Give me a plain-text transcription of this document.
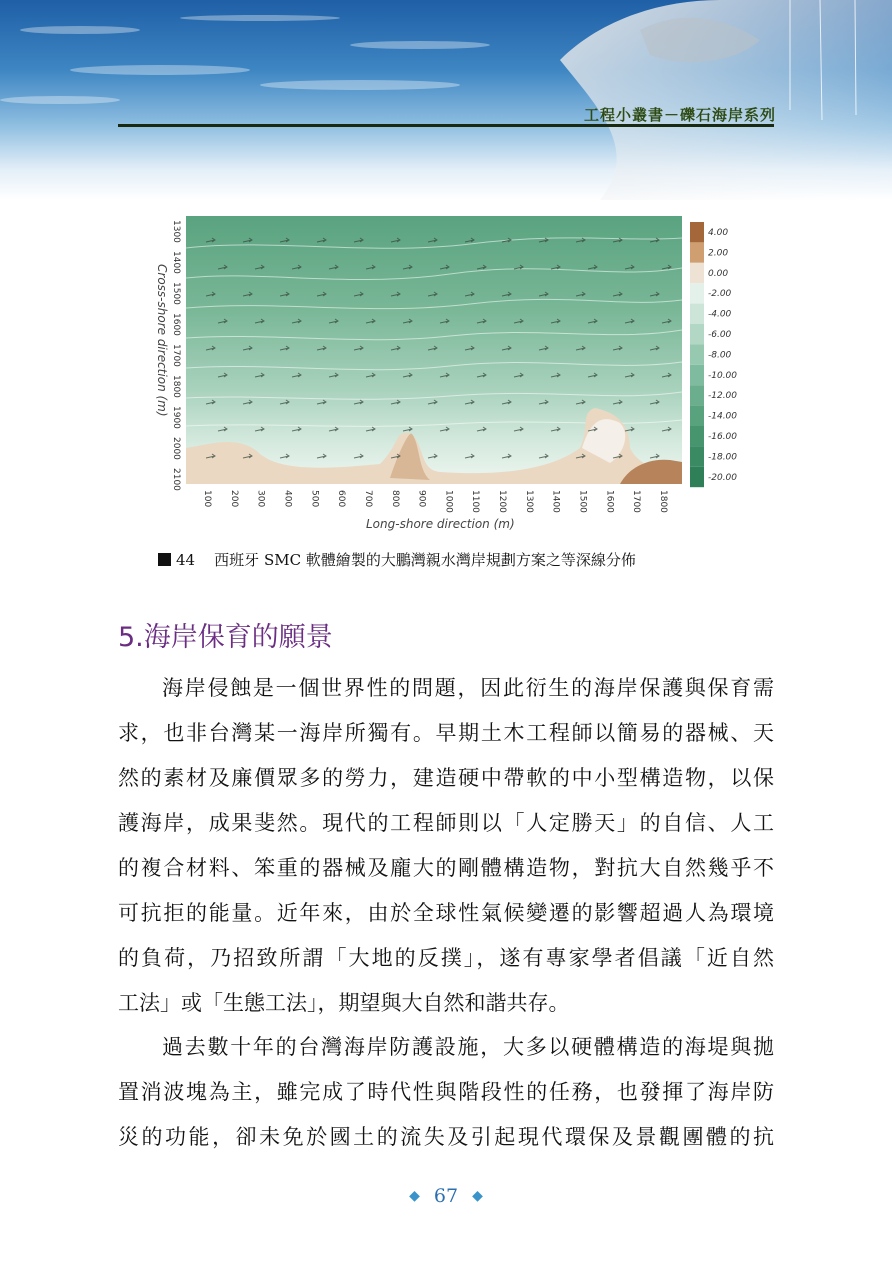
工程小叢書－礫石海岸系列
1300
1400
1500
1600
1700
1800
1900
2000
2100
Cross-shore direction (m)
100 200 300 400 500 600 700 800 900 1000 1100 1200 1300 1400 1500 1600 1700 1800
Long-shore direction (m)
4.00
2.00
0.00
-2.00
-4.00
-6.00
-8.00
-10.00
-12.00
-14.00
-16.00
-18.00
-20.00
44 西班牙 SMC 軟體繪製的大鵬灣親水灣岸規劃方案之等深線分佈
5.海岸保育的願景
海岸侵蝕是一個世界性的問題，因此衍生的海岸保護與保育需
求，也非台灣某一海岸所獨有。早期土木工程師以簡易的器械、天
然的素材及廉價眾多的勞力，建造硬中帶軟的中小型構造物，以保
護海岸，成果斐然。現代的工程師則以「人定勝天」的自信、人工
的複合材料、笨重的器械及龐大的剛體構造物，對抗大自然幾乎不
可抗拒的能量。近年來，由於全球性氣候變遷的影響超過人為環境
的負荷，乃招致所謂「大地的反撲」，遂有專家學者倡議「近自然
工法」或「生態工法」，期望與大自然和諧共存。
過去數十年的台灣海岸防護設施，大多以硬體構造的海堤與拋
置消波塊為主，雖完成了時代性與階段性的任務，也發揮了海岸防
災的功能，卻未免於國土的流失及引起現代環保及景觀團體的抗
◆ 67 ◆
